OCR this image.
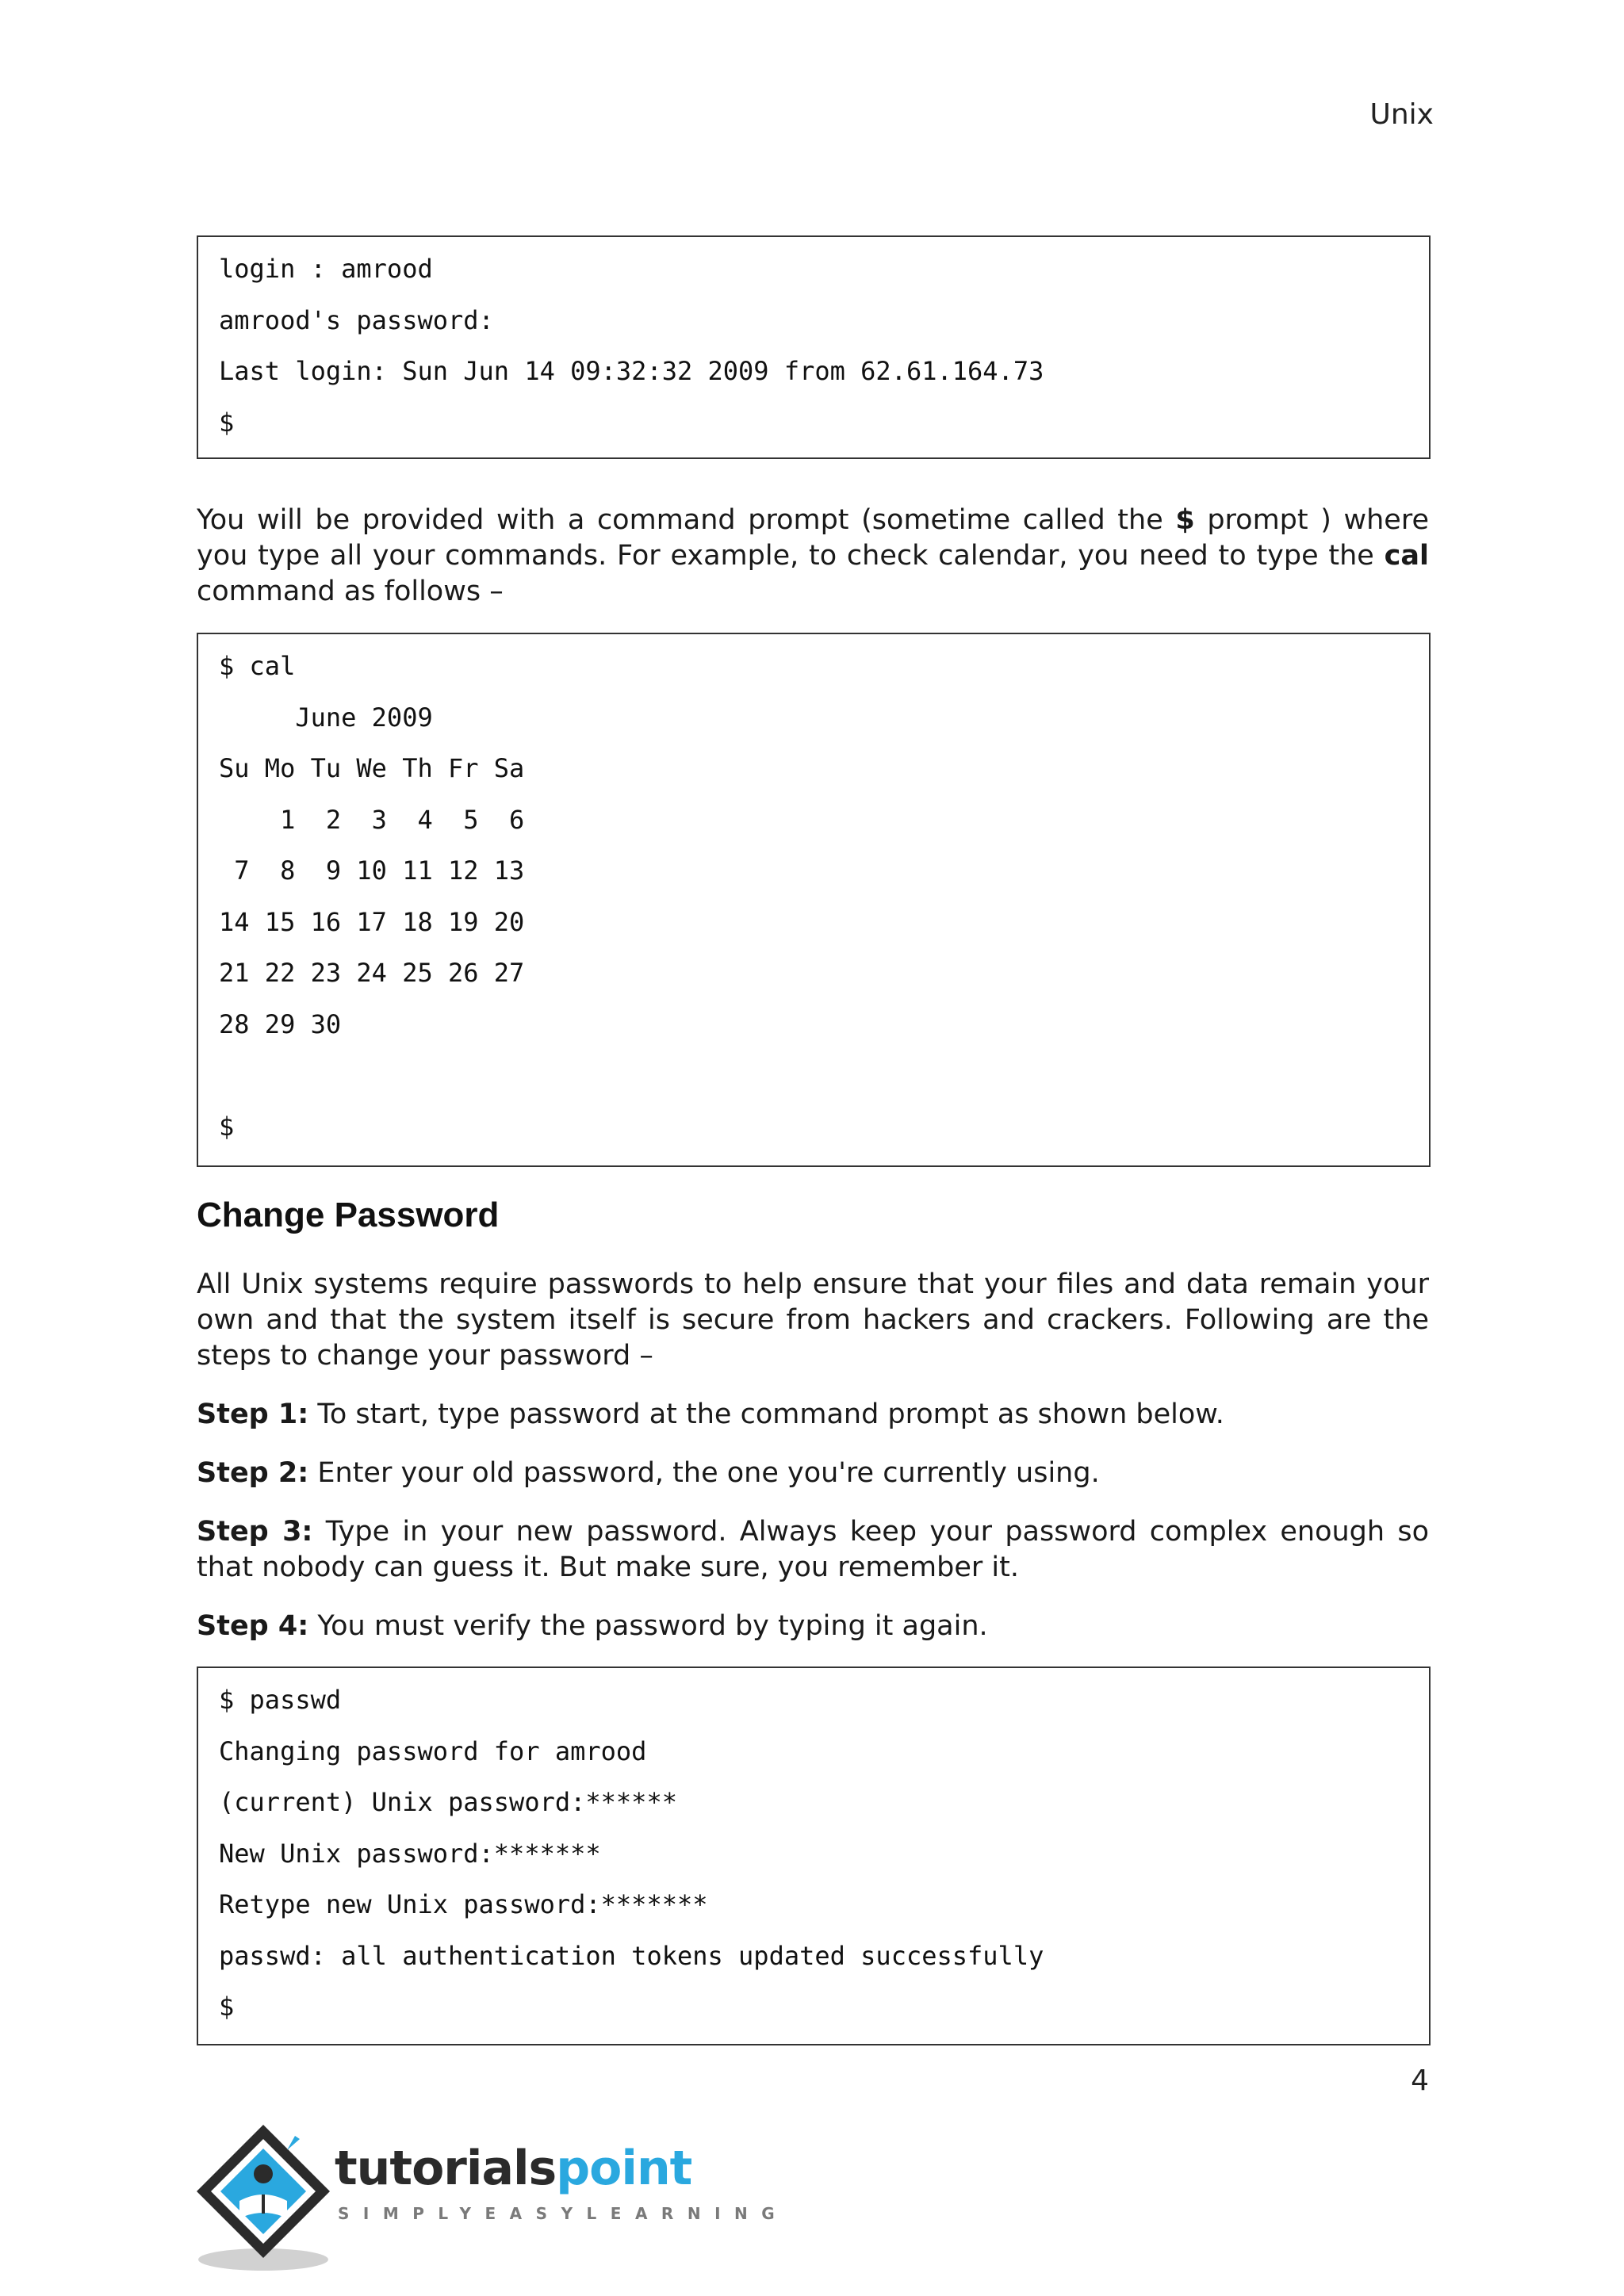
Unix
login : amrood
amrood's password:
Last login: Sun Jun 14 09:32:32 2009 from 62.61.164.73
$

You will be provided with a command prompt (sometime called the $ prompt ) where you type all your commands. For example, to check calendar, you need to type the cal command as follows –

$ cal
June 2009
Su Mo Tu We Th Fr Sa
1  2  3  4  5  6
7  8  9 10 11 12 13
14 15 16 17 18 19 20
21 22 23 24 25 26 27
28 29 30
$
Change Password

All Unix systems require passwords to help ensure that your files and data remain your own and that the system itself is secure from hackers and crackers. Following are the steps to change your password –

Step 1: To start, type password at the command prompt as shown below.

Step 2: Enter your old password, the one you're currently using.

Step 3: Type in your new password. Always keep your password complex enough so that nobody can guess it. But make sure, you remember it.

Step 4: You must verify the password by typing it again.

$ passwd
Changing password for amrood
(current) Unix password:******
New Unix password:*******
Retype new Unix password:*******
passwd: all authentication tokens updated successfully
$
4
tutorialspoint
SIMPLYEASYLEARNING
